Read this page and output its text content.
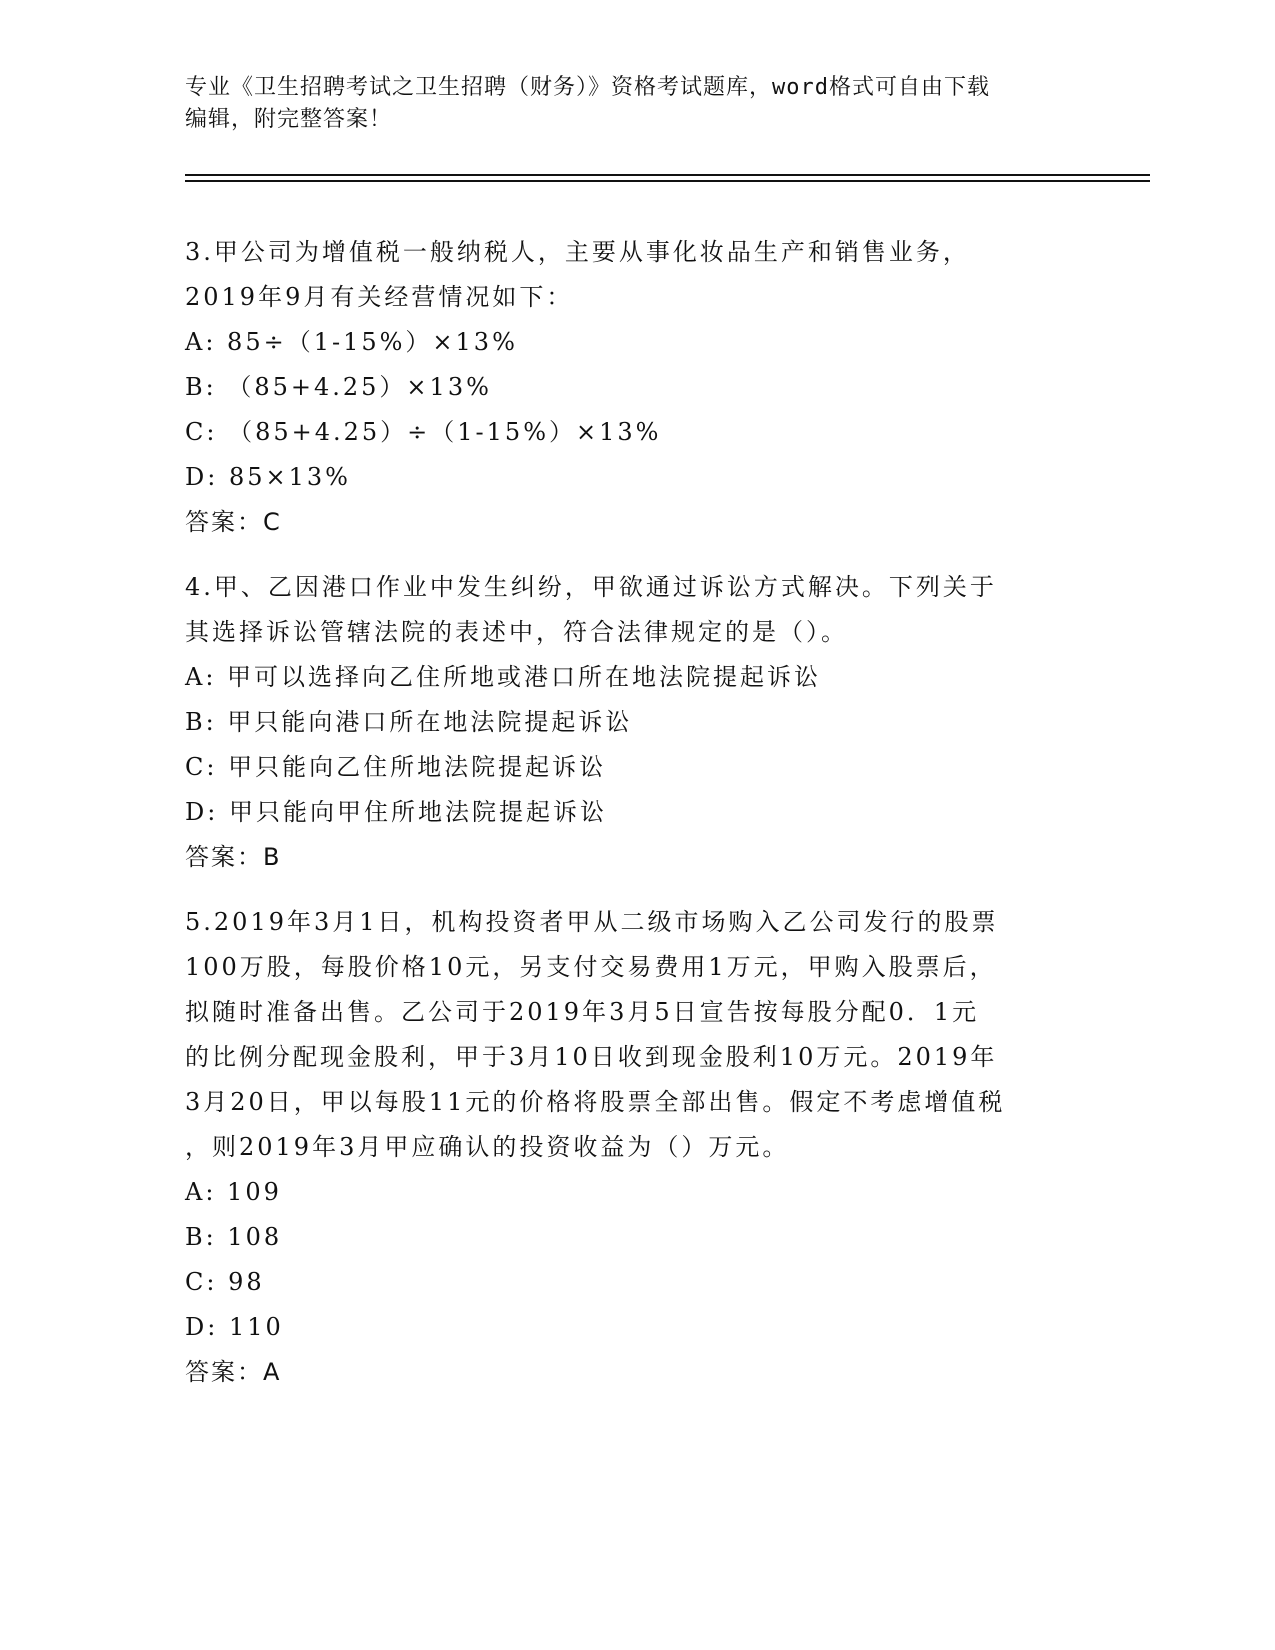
专业《卫生招聘考试之卫生招聘（财务）》资格考试题库，word格式可自由下载
编辑，附完整答案！
3.甲公司为增值税一般纳税人，主要从事化妆品生产和销售业务，
2019年9月有关经营情况如下：
A: 85÷（1-15%）×13%
B: （85+4.25）×13%
C: （85+4.25）÷（1-15%）×13%
D: 85×13%
答案：C
4.甲、乙因港口作业中发生纠纷，甲欲通过诉讼方式解决。下列关于
其选择诉讼管辖法院的表述中，符合法律规定的是（）。
A: 甲可以选择向乙住所地或港口所在地法院提起诉讼
B: 甲只能向港口所在地法院提起诉讼
C: 甲只能向乙住所地法院提起诉讼
D: 甲只能向甲住所地法院提起诉讼
答案：B
5.2019年3月1日，机构投资者甲从二级市场购入乙公司发行的股票
100万股，每股价格10元，另支付交易费用1万元，甲购入股票后，
拟随时准备出售。乙公司于2019年3月5日宣告按每股分配0．1元
的比例分配现金股利，甲于3月10日收到现金股利10万元。2019年
3月20日，甲以每股11元的价格将股票全部出售。假定不考虑增值税
，则2019年3月甲应确认的投资收益为（）万元。
A: 109
B: 108
C: 98
D: 110
答案：A
